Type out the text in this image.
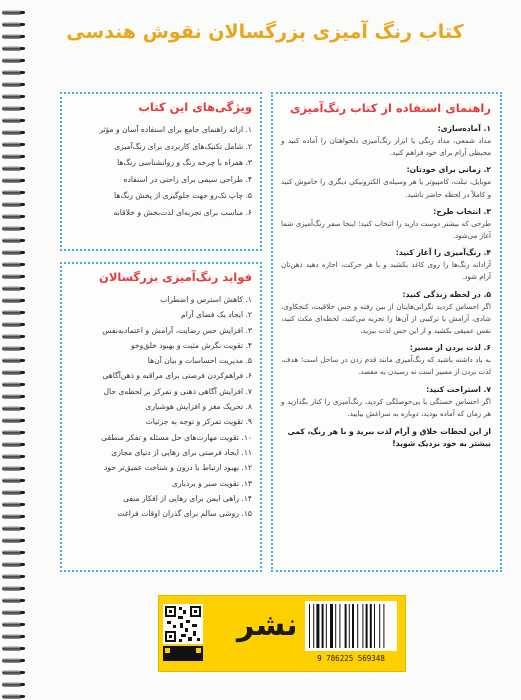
کتاب رنگ آمیزی بزرگسالان نقوش هندسی
راهنمای استفاده از کتاب رنگ‌آمیزی
۱. آماده‌سازی:
مداد شمعی، مداد رنگی یا ابزار رنگ‌آمیزی دلخواهتان را آماده کنید و محیطی آرام برای خود فراهم کنید.
۲. زمانی برای خودتان:
موبایل، تبلت، کامپیوتر یا هر وسیله‌ی الکترونیکی دیگری را خاموش کنید و کاملاً در لحظه حاضر باشید.
۳. انتخاب طرح:
طرحی که بیشتر دوست دارید را انتخاب کنید؛ اینجا سفر رنگ‌آمیزی شما آغاز می‌شود.
۴. رنگ‌آمیزی را آغاز کنید:
آزادانه رنگ‌ها را روی کاغذ بکشید و با هر حرکت، اجازه دهید ذهن‌تان آرام شود.
۵. در لحظه زندگی کنید:
اگر احساس کردید نگرانی‌هایتان از بین رفته و حس خلاقیت، کنجکاوی، شادی، آرامش یا ترکیبی از آن‌ها را تجربه می‌کنید، لحظه‌ای مکث کنید، نفس عمیقی بکشید و از این حس لذت ببرید.
۶. لذت بردن از مسیر:
به یاد داشته باشید که رنگ‌آمیزی مانند قدم زدن در ساحل است؛ هدف، لذت بردن از مسیر است نه رسیدن به مقصد.
۷. استراحت کنید:
اگر احساس خستگی یا بی‌حوصلگی کردید، رنگ‌آمیزی را کنار بگذارید و هر زمان که آماده بودید، دوباره به سراغش بیایید.
از این لحظات خلاق و آرام لذت ببرید و با هر رنگ، کمی بیشتر به خود نزدیک شوید!
ویژگی‌های این کتاب
۱. ارائه راهنمای جامع برای استفاده آسان و مؤثر
۲. شامل تکنیک‌های کاربردی برای رنگ‌آمیزی
۳. همراه با چرخه رنگ و روانشناسی رنگ‌ها
۴. طراحی سیمی برای راحتی در استفاده
۵. چاپ تک‌رو جهت جلوگیری از پخش رنگ‌ها
۶. مناسب برای تجربه‌ای لذت‌بخش و خلاقانه
فواید رنگ‌آمیزی بزرگسالان
۱. کاهش استرس و اضطراب
۲. ایجاد یک فضای آرام
۳. افزایش حس رضایت، آرامش و اعتمادبه‌نفس
۴. تقویت نگرش مثبت و بهبود خلق‌وخو
۵. مدیریت احساسات و بیان آن‌ها
۶. فراهم‌کردن فرصتی برای مراقبه و ذهن‌آگاهی
۷. افزایش آگاهی ذهنی و تمرکز بر لحظه‌ی حال
۸. تحریک مغز و افزایش هوشیاری
۹. تقویت تمرکز و توجه به جزئیات
۱۰. تقویت مهارت‌های حل مسئله و تفکر منطقی
۱۱. ایجاد فرصتی برای رهایی از دنیای مجازی
۱۲. بهبود ارتباط با درون و شناخت عمیق‌تر خود
۱۳. تقویت صبر و بردباری
۱۴. راهی ایمن برای رهایی از افکار منفی
۱۵. روشی سالم برای گذران اوقات فراغت
نشر
9 786225 569348
